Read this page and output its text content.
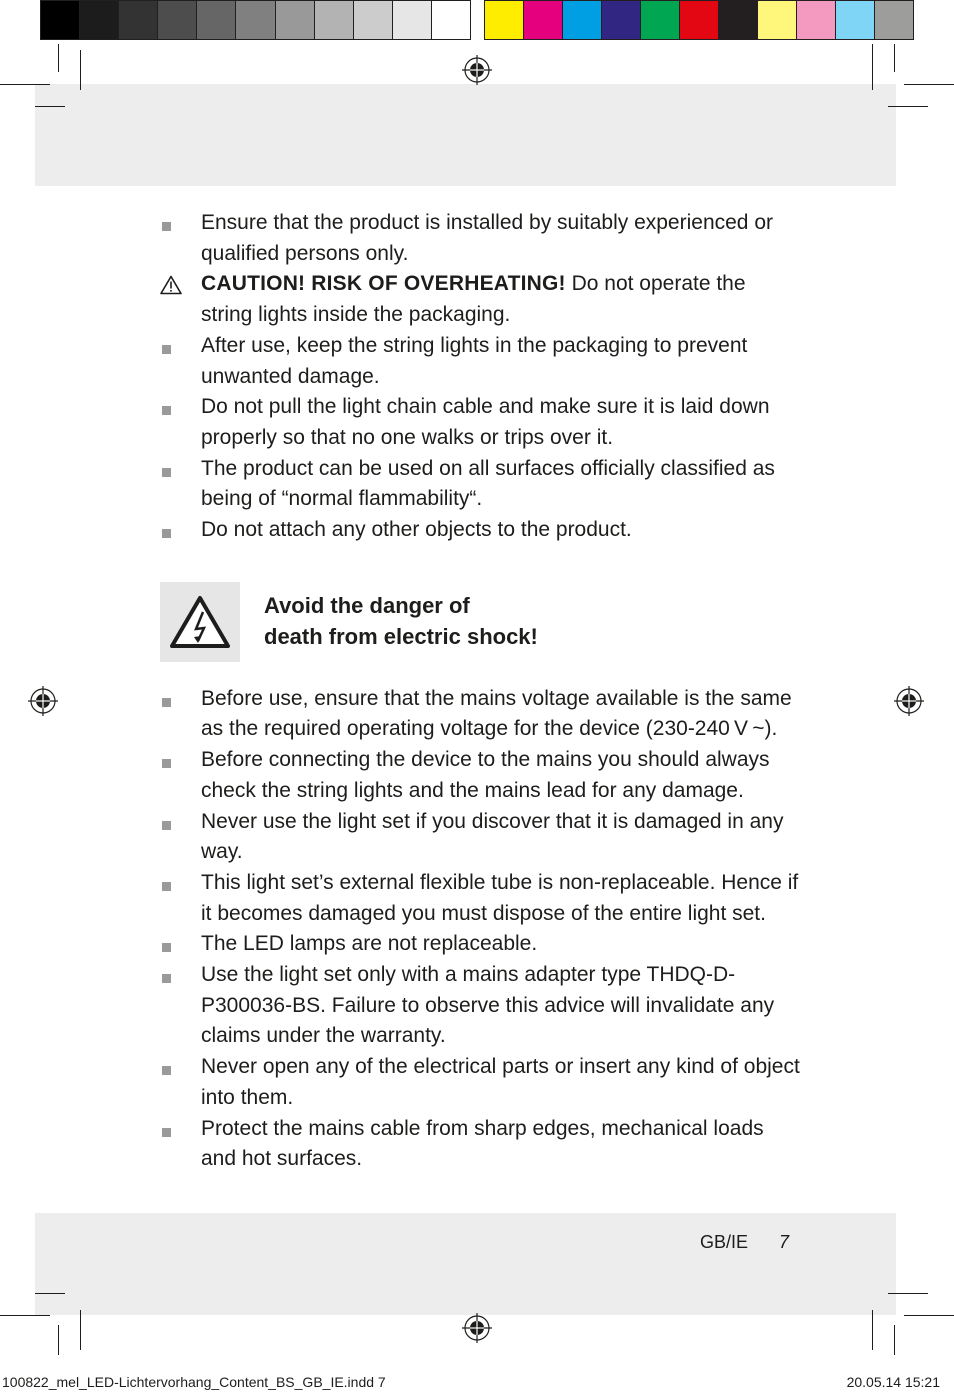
Ensure that the product is installed by suitably experienced or qualified persons only.
CAUTION! RISK OF OVERHEATING! Do not operate the string lights inside the packaging.
After use, keep the string lights in the packaging to prevent unwanted damage.
Do not pull the light chain cable and make sure it is laid down properly so that no one walks or trips over it.
The product can be used on all surfaces officially classified as being of “normal flammability“.
Do not attach any other objects to the product.
Avoid the danger of
death from electric shock!
Before use, ensure that the mains voltage available is the same as the required operating voltage for the device (230-240 V ~).
Before connecting the device to the mains you should always check the string lights and the mains lead for any damage.
Never use the light set if you discover that it is damaged in any way.
This light set’s external flexible tube is non-replaceable. Hence if it becomes damaged you must dispose of the entire light set.
The LED lamps are not replaceable.
Use the light set only with a mains adapter type THDQ-D-P300036-BS. Failure to observe this advice will invalidate any claims under the warranty.
Never open any of the electrical parts or insert any kind of object into them.
Protect the mains cable from sharp edges, mechanical loads and hot surfaces.
GB/IE 7
100822_mel_LED-Lichtervorhang_Content_BS_GB_IE.indd 7	20.05.14 15:21
